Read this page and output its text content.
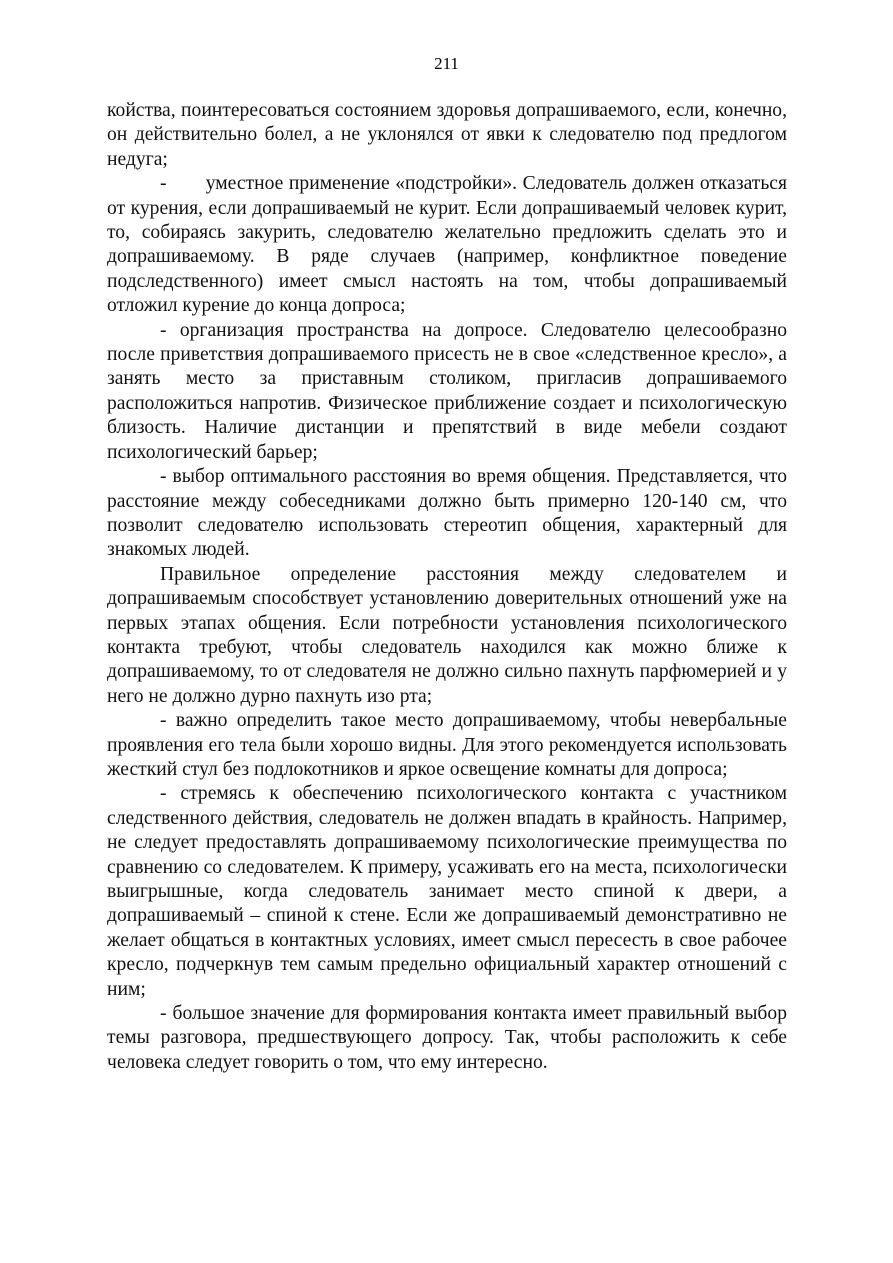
211

койства, поинтересоваться состоянием здоровья допрашиваемого, если, конечно, он действительно болел, а не уклонялся от явки к следователю под предлогом недуга;

-  уместное применение «подстройки». Следователь должен отказаться от курения, если допрашиваемый не курит. Если допрашиваемый человек курит, то, собираясь закурить, следователю желательно предложить сделать это и допрашиваемому. В ряде случаев (например, конфликтное поведение подследственного) имеет смысл настоять на том, чтобы допрашиваемый отложил курение до конца допроса;

- организация пространства на допросе. Следователю целесообразно после приветствия допрашиваемого присесть не в свое «следственное кресло», а занять место за приставным столиком, пригласив допрашиваемого расположиться напротив. Физическое приближение создает и психологическую близость. Наличие дистанции и препятствий в виде мебели создают психологический барьер;

- выбор оптимального расстояния во время общения. Представляется, что расстояние между собеседниками должно быть примерно 120-140 см, что позволит следователю использовать стереотип общения, характерный для знакомых людей.

Правильное определение расстояния между следователем и допрашиваемым способствует установлению доверительных отношений уже на первых этапах общения. Если потребности установления психологического контакта требуют, чтобы следователь находился как можно ближе к допрашиваемому, то от следователя не должно сильно пахнуть парфюмерией и у него не должно дурно пахнуть изо рта;

- важно определить такое место допрашиваемому, чтобы невербальные проявления его тела были хорошо видны. Для этого рекомендуется использовать жесткий стул без подлокотников и яркое освещение комнаты для допроса;

- стремясь к обеспечению психологического контакта с участником следственного действия, следователь не должен впадать в крайность. Например, не следует предоставлять допрашиваемому психологические преимущества по сравнению со следователем. К примеру, усаживать его на места, психологически выигрышные, когда следователь занимает место спиной к двери, а допрашиваемый – спиной к стене. Если же допрашиваемый демонстративно не желает общаться в контактных условиях, имеет смысл пересесть в свое рабочее кресло, подчеркнув тем самым предельно официальный характер отношений с ним;

- большое значение для формирования контакта имеет правильный выбор темы разговора, предшествующего допросу. Так, чтобы расположить к себе человека следует говорить о том, что ему интересно.
